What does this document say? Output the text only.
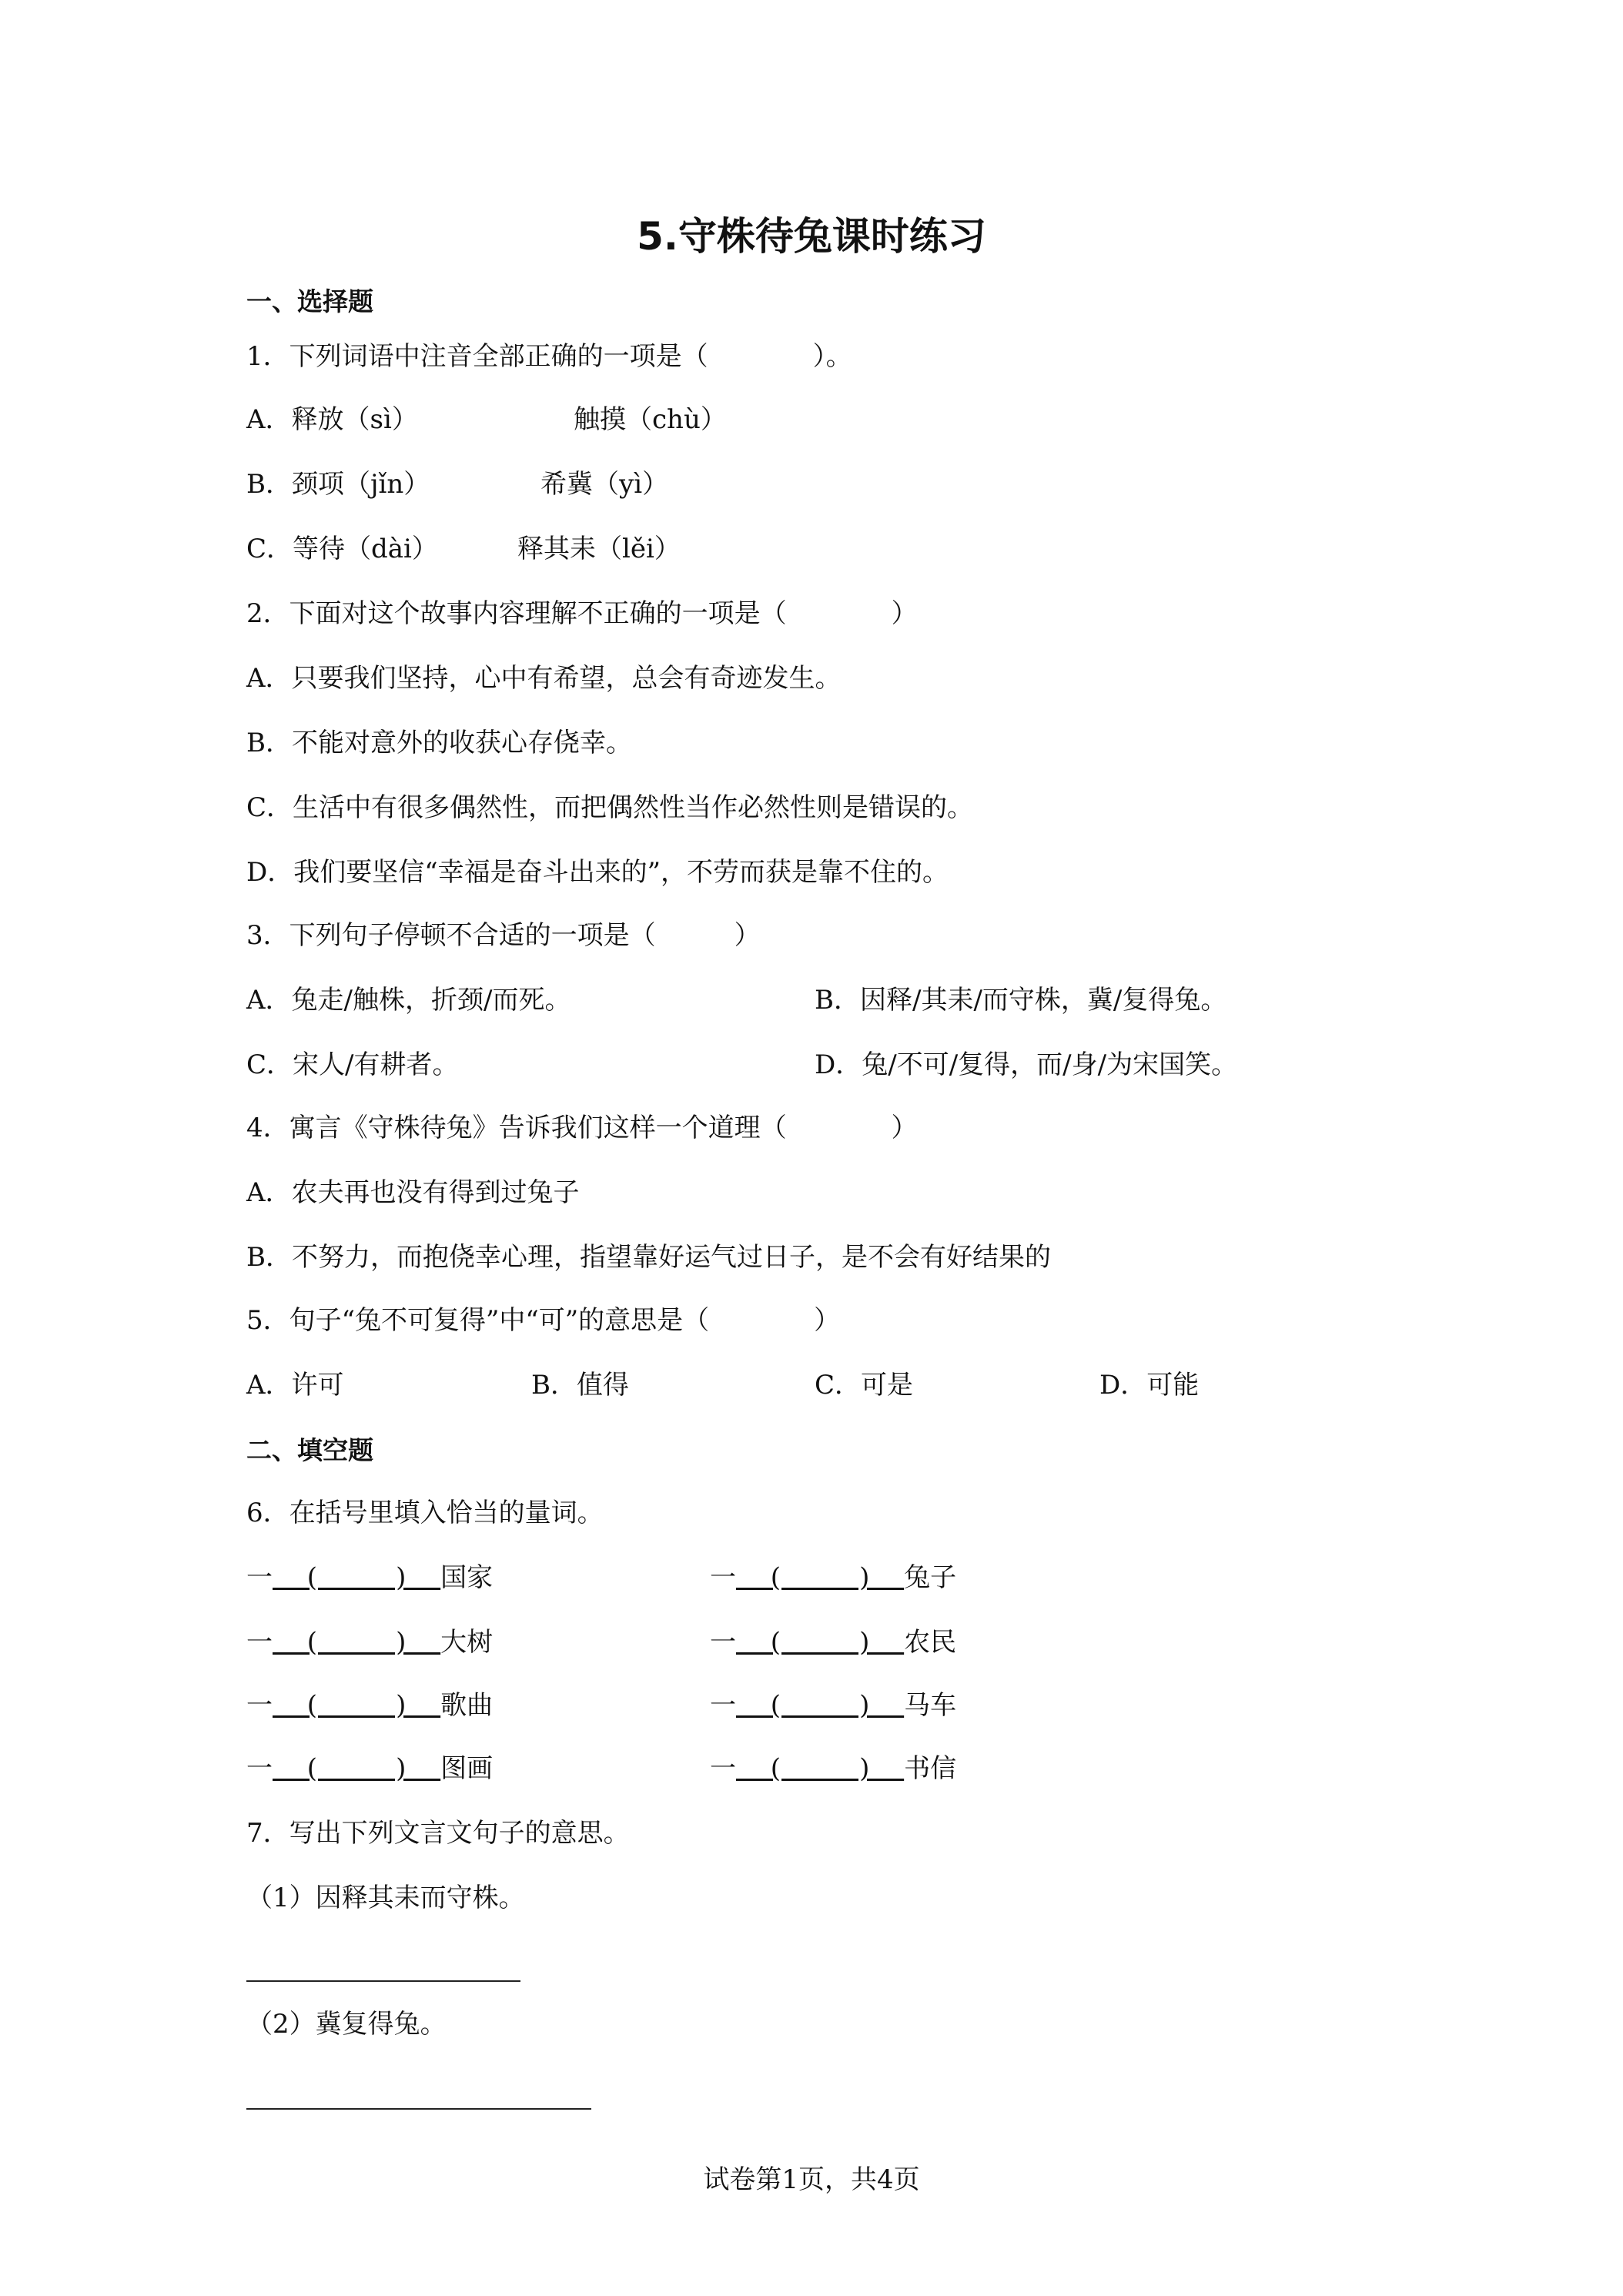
5.守株待兔课时练习
一、选择题
1．下列词语中注音全部正确的一项是（　　　　）。
A．释放（sì）	触摸（chù）
B．颈项（jǐn）	希冀（yì）
C．等待（dài）	释其耒（lěi）
2．下面对这个故事内容理解不正确的一项是（　　　　）
A．只要我们坚持，心中有希望，总会有奇迹发生。
B．不能对意外的收获心存侥幸。
C．生活中有很多偶然性，而把偶然性当作必然性则是错误的。
D．我们要坚信“幸福是奋斗出来的”，不劳而获是靠不住的。
3．下列句子停顿不合适的一项是（　　　）
A．兔走/触株，折颈/而死。	B．因释/其耒/而守株，冀/复得兔。
C．宋人/有耕者。	D．兔/不可/复得，而/身/为宋国笑。
4．寓言《守株待兔》告诉我们这样一个道理（　　　　）
A．农夫再也没有得到过兔子
B．不努力，而抱侥幸心理，指望靠好运气过日子，是不会有好结果的
5．句子“兔不可复得”中“可”的意思是（　　　　）
A．许可	B．值得	C．可是	D．可能
二、填空题
6．在括号里填入恰当的量词。
一　 (　　　) 　国家	一　 (　　　) 　兔子
一　 (　　　) 　大树	一　 (　　　) 　农民
一　 (　　　) 　歌曲	一　 (　　　) 　马车
一　 (　　　) 　图画	一　 (　　　) 　书信
7．写出下列文言文句子的意思。
（1）因释其耒而守株。
（2）冀复得兔。
试卷第1页，共4页
